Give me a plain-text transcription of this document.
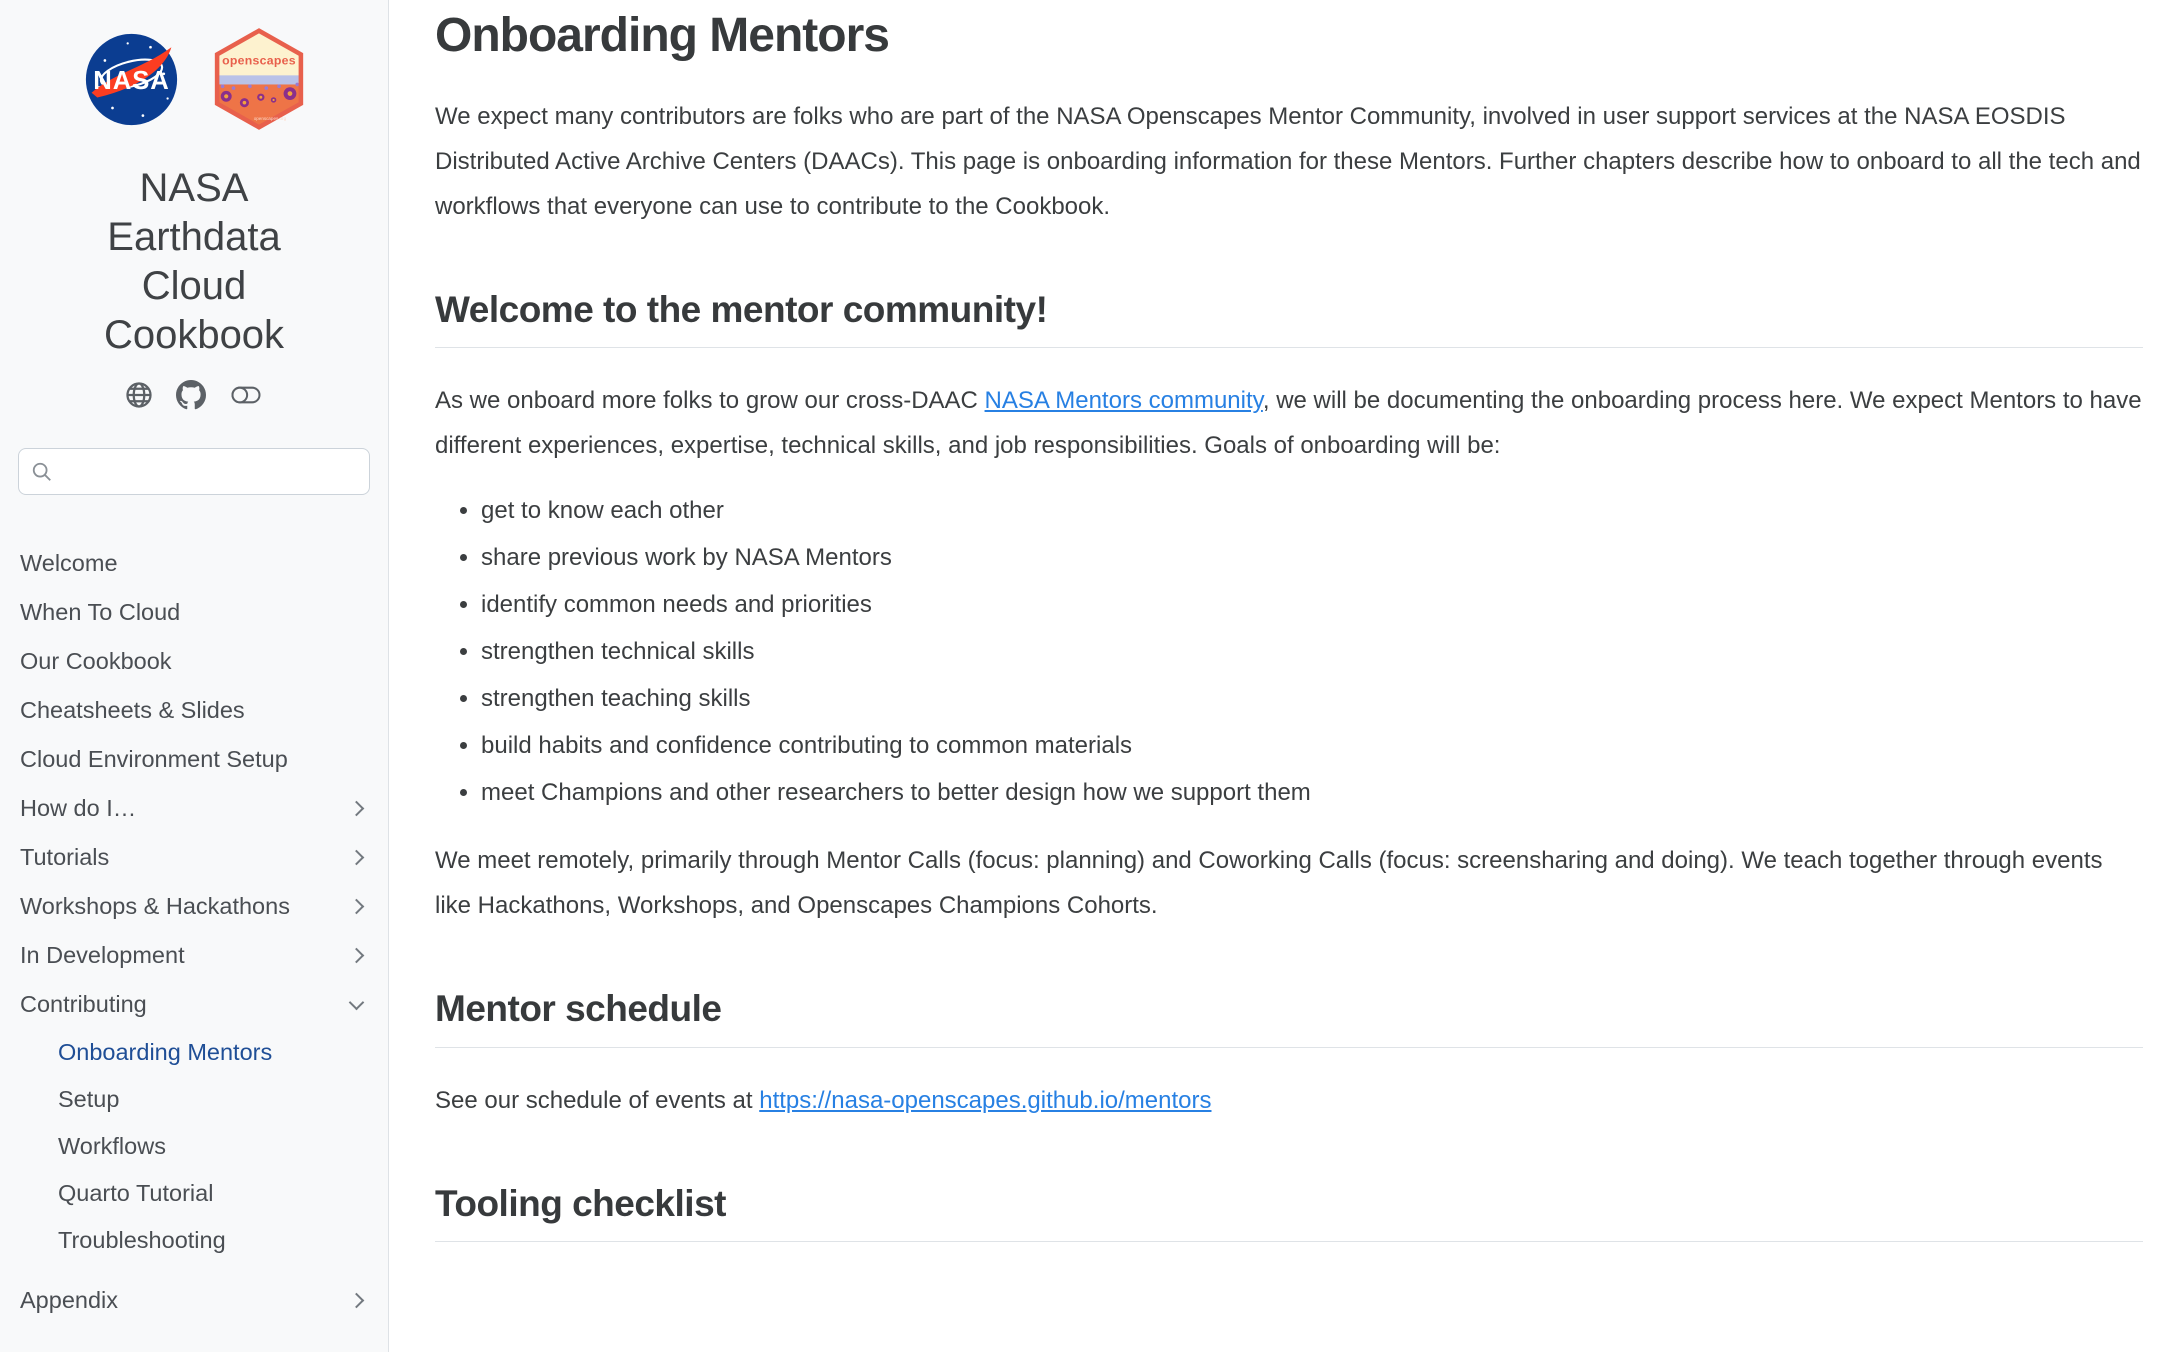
NASA
openscapes
openscapes.org
NASA Earthdata Cloud Cookbook
Welcome
When To Cloud
Our Cookbook
Cheatsheets & Slides
Cloud Environment Setup
How do I…
Tutorials
Workshops & Hackathons
In Development
Contributing
Onboarding Mentors
Setup
Workflows
Quarto Tutorial
Troubleshooting
Appendix
Onboarding Mentors

We expect many contributors are folks who are part of the NASA Openscapes Mentor Community, involved in user support services at the NASA EOSDIS Distributed Active Archive Centers (DAACs). This page is onboarding information for these Mentors. Further chapters describe how to onboard to all the tech and workflows that everyone can use to contribute to the Cookbook.

Welcome to the mentor community!

As we onboard more folks to grow our cross-DAAC NASA Mentors community, we will be documenting the onboarding process here. We expect Mentors to have different experiences, expertise, technical skills, and job responsibilities. Goals of onboarding will be:

• get to know each other
• share previous work by NASA Mentors
• identify common needs and priorities
• strengthen technical skills
• strengthen teaching skills
• build habits and confidence contributing to common materials
• meet Champions and other researchers to better design how we support them

We meet remotely, primarily through Mentor Calls (focus: planning) and Coworking Calls (focus: screensharing and doing). We teach together through events like Hackathons, Workshops, and Openscapes Champions Cohorts.

Mentor schedule

See our schedule of events at https://nasa-openscapes.github.io/mentors

Tooling checklist
